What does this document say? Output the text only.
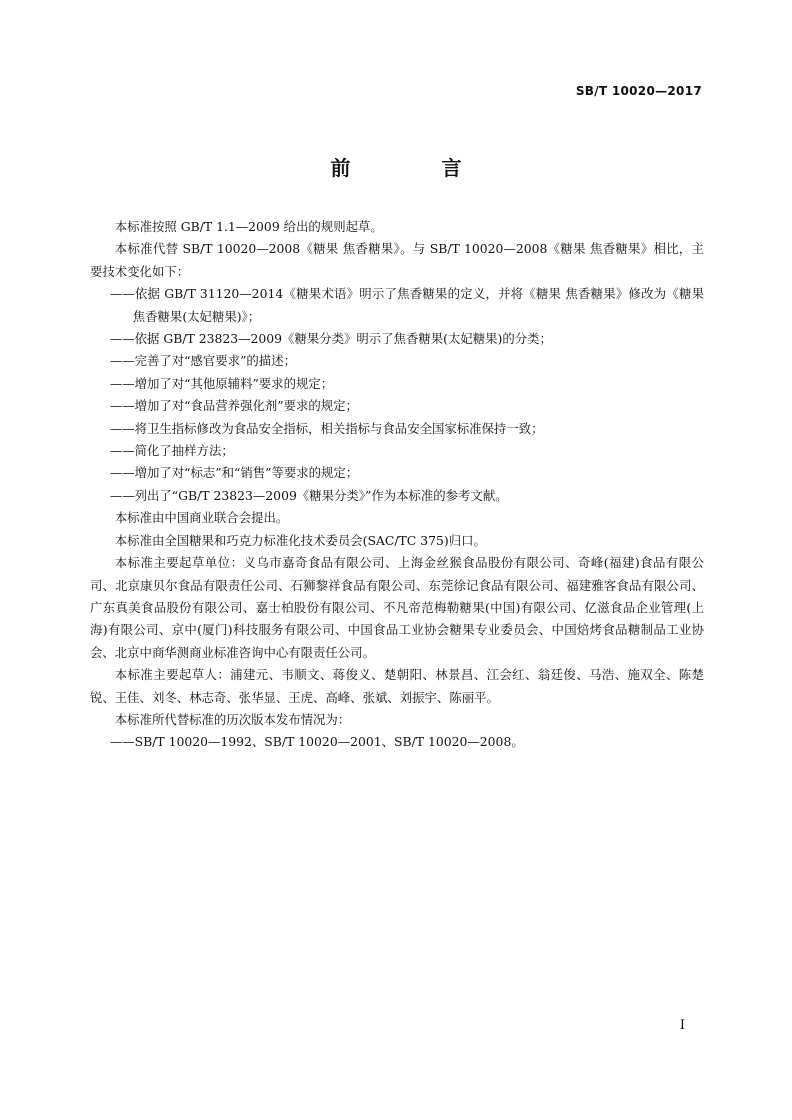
SB/T 10020—2017
前 言

本标准按照 GB/T 1.1—2009 给出的规则起草。

本标准代替 SB/T 10020—2008《糖果 焦香糖果》。与 SB/T 10020—2008《糖果 焦香糖果》相比，主要技术变化如下：

——依据 GB/T 31120—2014《糖果术语》明示了焦香糖果的定义，并将《糖果 焦香糖果》修改为《糖果 焦香糖果(太妃糖果)》；

——依据 GB/T 23823—2009《糖果分类》明示了焦香糖果(太妃糖果)的分类；

——完善了对“感官要求”的描述；

——增加了对“其他原辅料”要求的规定；

——增加了对“食品营养强化剂”要求的规定；

——将卫生指标修改为食品安全指标，相关指标与食品安全国家标准保持一致；

——简化了抽样方法；

——增加了对“标志”和“销售”等要求的规定；

——列出了“GB/T 23823—2009《糖果分类》”作为本标准的参考文献。

本标准由中国商业联合会提出。

本标准由全国糖果和巧克力标准化技术委员会(SAC/TC 375)归口。

本标准主要起草单位：义乌市嘉奇食品有限公司、上海金丝猴食品股份有限公司、奇峰(福建)食品有限公司、北京康贝尔食品有限责任公司、石狮黎祥食品有限公司、东莞徐记食品有限公司、福建雅客食品有限公司、广东真美食品股份有限公司、嘉士柏股份有限公司、不凡帝范梅勒糖果(中国)有限公司、亿滋食品企业管理(上海)有限公司、京中(厦门)科技服务有限公司、中国食品工业协会糖果专业委员会、中国焙烤食品糖制品工业协会、北京中商华测商业标准咨询中心有限责任公司。

本标准主要起草人：浦建元、韦顺文、蒋俊义、楚朝阳、林景昌、江会红、翁廷俊、马浩、施双全、陈楚锐、王佳、刘冬、林志奇、张华显、王虎、高峰、张斌、刘振宇、陈丽平。

本标准所代替标准的历次版本发布情况为：

——SB/T 10020—1992、SB/T 10020—2001、SB/T 10020—2008。

I
